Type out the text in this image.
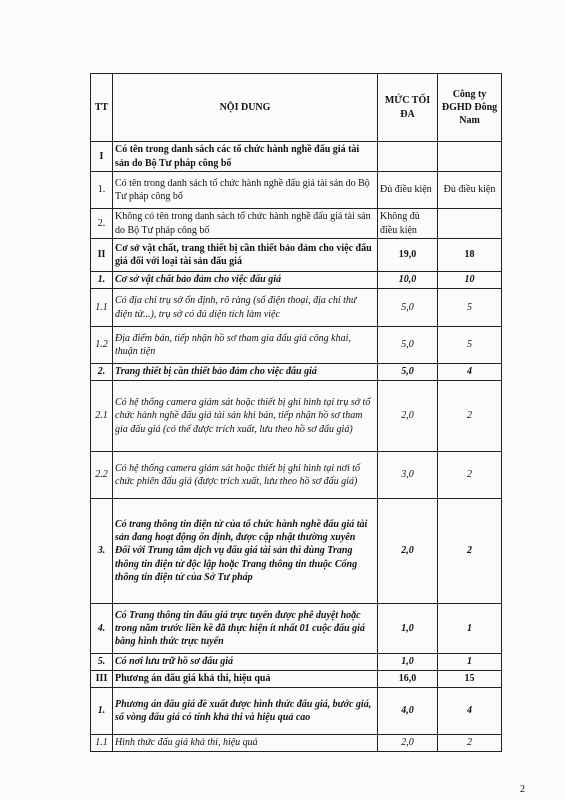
TT	NỘI DUNG	MỨC TỐI ĐA	Công ty ĐGHD Đông Nam
I	Có tên trong danh sách các tổ chức hành nghề đấu giá tài sản do Bộ Tư pháp công bố		
1.	Có tên trong danh sách tổ chức hành nghề đấu giá tài sản do Bộ Tư pháp công bố	Đủ điều kiện	Đủ điều kiện
2.	Không có tên trong danh sách tổ chức hành nghề đấu giá tài sản do Bộ Tư pháp công bố	Không đủ điều kiện	
II	Cơ sở vật chất, trang thiết bị cần thiết bảo đảm cho việc đấu giá đối với loại tài sản đấu giá	19,0	18
1.	Cơ sở vật chất bảo đảm cho việc đấu giá	10,0	10
1.1	Có địa chỉ trụ sở ổn định, rõ ràng (số điện thoại, địa chỉ thư điện tử...), trụ sở có đủ diện tích làm việc	5,0	5
1.2	Địa điểm bán, tiếp nhận hồ sơ tham gia đấu giá công khai, thuận tiện	5,0	5
2.	Trang thiết bị cần thiết bảo đảm cho việc đấu giá	5,0	4
2.1	Có hệ thống camera giám sát hoặc thiết bị ghi hình tại trụ sở tổ chức hành nghề đấu giá tài sản khi bán, tiếp nhận hồ sơ tham gia đấu giá (có thể được trích xuất, lưu theo hồ sơ đấu giá)	2,0	2
2.2	Có hệ thống camera giám sát hoặc thiết bị ghi hình tại nơi tổ chức phiên đấu giá (được trích xuất, lưu theo hồ sơ đấu giá)	3,0	2
3.	Có trang thông tin điện tử của tổ chức hành nghề đấu giá tài sản đang hoạt động ổn định, được cập nhật thường xuyên
Đối với Trung tâm dịch vụ đấu giá tài sản thì dùng Trang thông tin điện tử độc lập hoặc Trang thông tin thuộc Cổng thông tin điện tử của Sở Tư pháp	2,0	2
4.	Có Trang thông tin đấu giá trực tuyến được phê duyệt hoặc trong năm trước liền kề đã thực hiện ít nhất 01 cuộc đấu giá bằng hình thức trực tuyến	1,0	1
5.	Có nơi lưu trữ hồ sơ đấu giá	1,0	1
III	Phương án đấu giá khả thi, hiệu quả	16,0	15
1.	Phương án đấu giá đề xuất được hình thức đấu giá, bước giá, số vòng đấu giá có tính khả thi và hiệu quả cao	4,0	4
1.1	Hình thức đấu giá khả thi, hiệu quả	2,0	2
2
